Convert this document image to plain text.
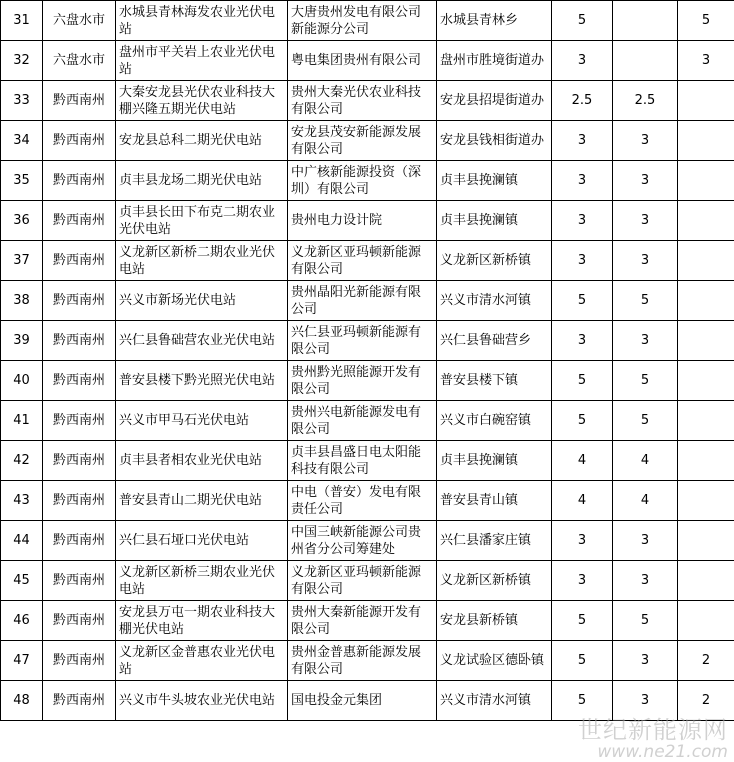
31	六盘水市	水城县青林海发农业光伏电站	大唐贵州发电有限公司新能源分公司	水城县青林乡	5		5
32	六盘水市	盘州市平关岩上农业光伏电站	粤电集团贵州有限公司	盘州市胜境街道办	3		3
33	黔西南州	大秦安龙县光伏农业科技大棚兴隆五期光伏电站	贵州大秦光伏农业科技有限公司	安龙县招堤街道办	2.5	2.5	
34	黔西南州	安龙县总科二期光伏电站	安龙县茂安新能源发展有限公司	安龙县钱相街道办	3	3	
35	黔西南州	贞丰县龙场二期光伏电站	中广核新能源投资（深圳）有限公司	贞丰县挽澜镇	3	3	
36	黔西南州	贞丰县长田下布克二期农业光伏电站	贵州电力设计院	贞丰县挽澜镇	3	3	
37	黔西南州	义龙新区新桥二期农业光伏电站	义龙新区亚玛顿新能源有限公司	义龙新区新桥镇	3	3	
38	黔西南州	兴义市新场光伏电站	贵州晶阳光新能源有限公司	兴义市清水河镇	5	5	
39	黔西南州	兴仁县鲁础营农业光伏电站	兴仁县亚玛顿新能源有限公司	兴仁县鲁础营乡	3	3	
40	黔西南州	普安县楼下黔光照光伏电站	贵州黔光照能源开发有限公司	普安县楼下镇	5	5	
41	黔西南州	兴义市甲马石光伏电站	贵州兴电新能源发电有限公司	兴义市白碗窑镇	5	5	
42	黔西南州	贞丰县者相农业光伏电站	贞丰县昌盛日电太阳能科技有限公司	贞丰县挽澜镇	4	4	
43	黔西南州	普安县青山二期光伏电站	中电（普安）发电有限责任公司	普安县青山镇	4	4	
44	黔西南州	兴仁县石垭口光伏电站	中国三峡新能源公司贵州省分公司筹建处	兴仁县潘家庄镇	3	3	
45	黔西南州	义龙新区新桥三期农业光伏电站	义龙新区亚玛顿新能源有限公司	义龙新区新桥镇	3	3	
46	黔西南州	安龙县万屯一期农业科技大棚光伏电站	贵州大秦新能源开发有限公司	安龙县新桥镇	5	5	
47	黔西南州	义龙新区金普惠农业光伏电站	贵州金普惠新能源发展有限公司	义龙试验区德卧镇	5	3	2
48	黔西南州	兴义市牛头坡农业光伏电站	国电投金元集团	兴义市清水河镇	5	3	2
世纪新能源网
www.ne21.com
